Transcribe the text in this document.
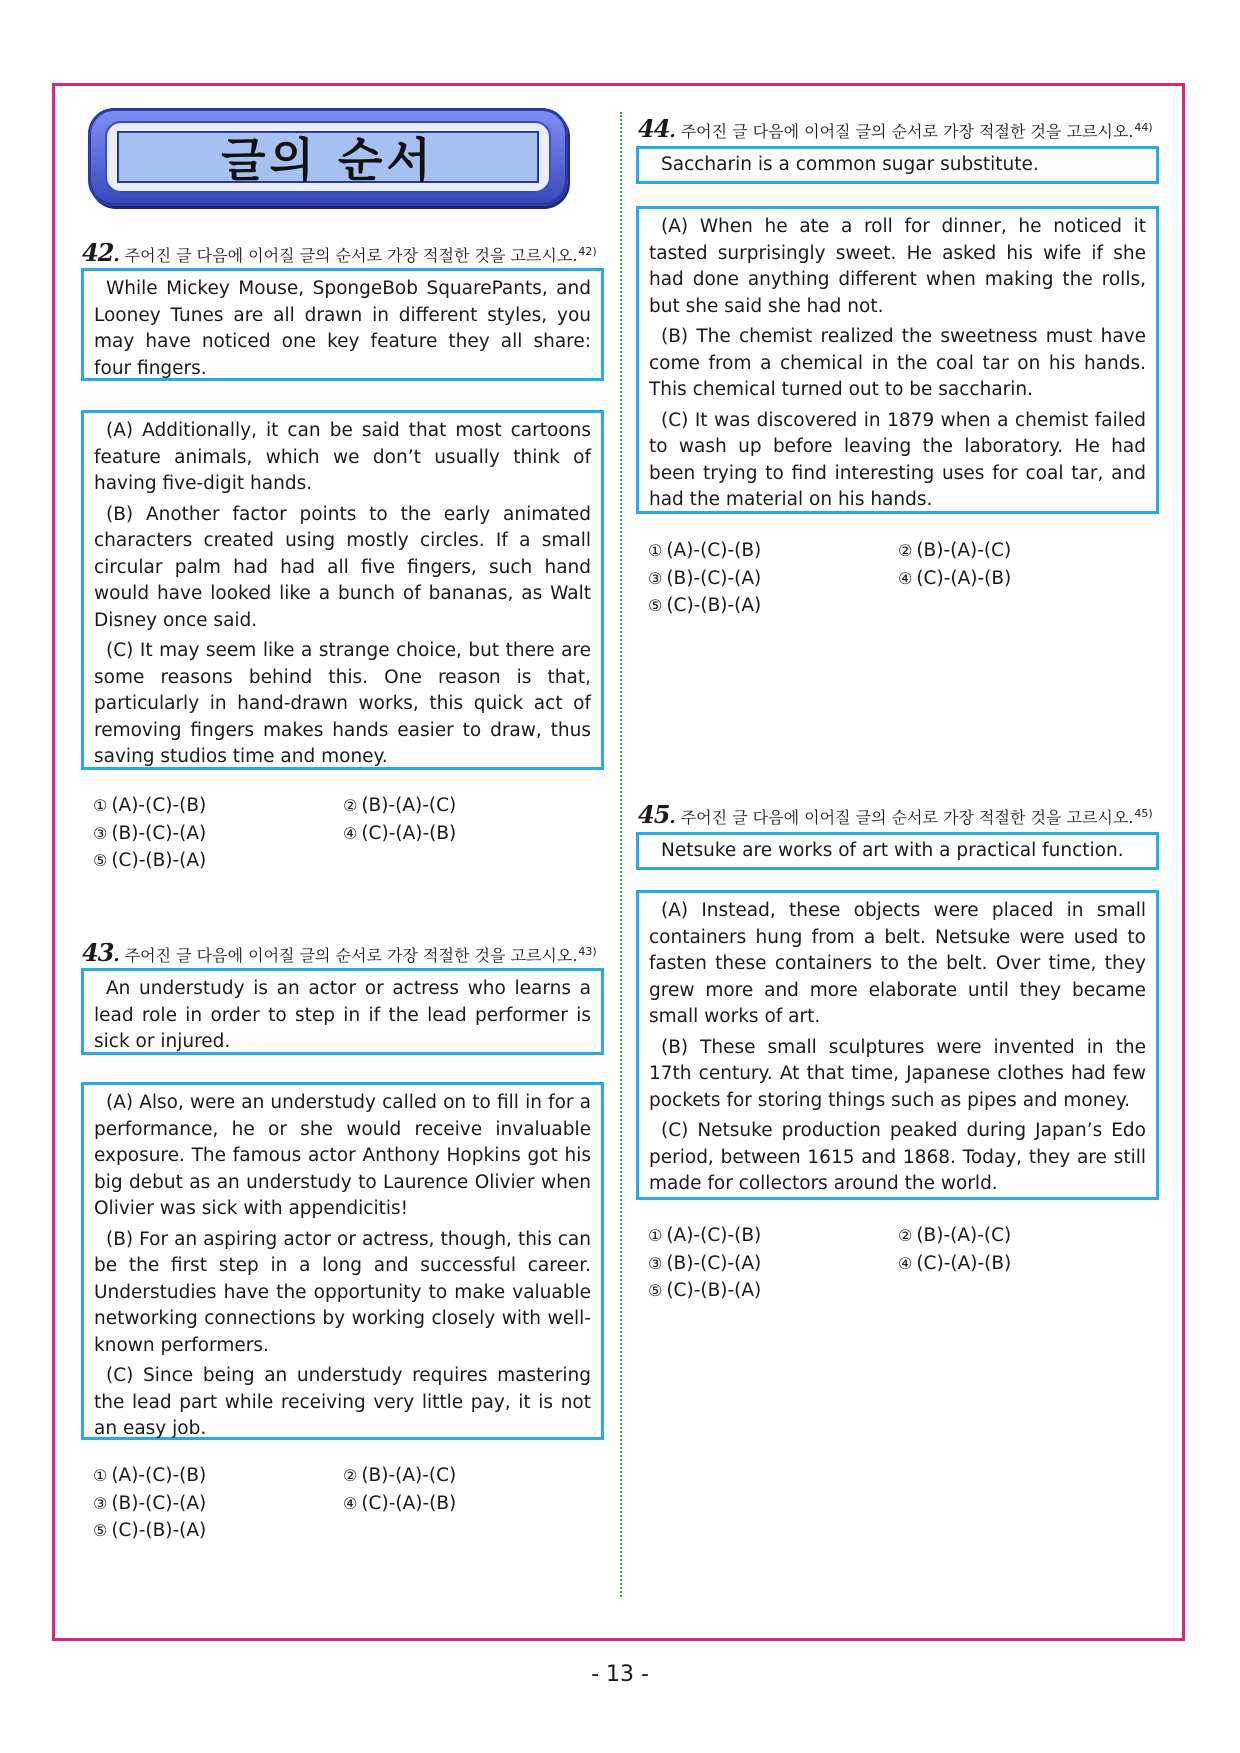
글의 순서
42. 주어진 글 다음에 이어질 글의 순서로 가장 적절한 것을 고르시오. 42)

While Mickey Mouse, SpongeBob SquarePants, and Looney Tunes are all drawn in different styles, you may have noticed one key feature they all share: four fingers.

(A) Additionally, it can be said that most cartoons feature animals, which we don’t usually think of having five-digit hands.

(B) Another factor points to the early animated characters created using mostly circles. If a small circular palm had had all five fingers, such hand would have looked like a bunch of bananas, as Walt Disney once said.

(C) It may seem like a strange choice, but there are some reasons behind this. One reason is that, particularly in hand-drawn works, this quick act of removing fingers makes hands easier to draw, thus saving studios time and money.

① (A)-(C)-(B)	② (B)-(A)-(C)
③ (B)-(C)-(A)	④ (C)-(A)-(B)
⑤ (C)-(B)-(A)
43. 주어진 글 다음에 이어질 글의 순서로 가장 적절한 것을 고르시오. 43)

An understudy is an actor or actress who learns a lead role in order to step in if the lead performer is sick or injured.

(A) Also, were an understudy called on to fill in for a performance, he or she would receive invaluable exposure. The famous actor Anthony Hopkins got his big debut as an understudy to Laurence Olivier when Olivier was sick with appendicitis!

(B) For an aspiring actor or actress, though, this can be the first step in a long and successful career. Understudies have the opportunity to make valuable networking connections by working closely with well-known performers.

(C) Since being an understudy requires mastering the lead part while receiving very little pay, it is not an easy job.

① (A)-(C)-(B)	② (B)-(A)-(C)
③ (B)-(C)-(A)	④ (C)-(A)-(B)
⑤ (C)-(B)-(A)
44. 주어진 글 다음에 이어질 글의 순서로 가장 적절한 것을 고르시오. 44)

Saccharin is a common sugar substitute.

(A) When he ate a roll for dinner, he noticed it tasted surprisingly sweet. He asked his wife if she had done anything different when making the rolls, but she said she had not.

(B) The chemist realized the sweetness must have come from a chemical in the coal tar on his hands. This chemical turned out to be saccharin.

(C) It was discovered in 1879 when a chemist failed to wash up before leaving the laboratory. He had been trying to find interesting uses for coal tar, and had the material on his hands.

① (A)-(C)-(B)	② (B)-(A)-(C)
③ (B)-(C)-(A)	④ (C)-(A)-(B)
⑤ (C)-(B)-(A)
45. 주어진 글 다음에 이어질 글의 순서로 가장 적절한 것을 고르시오. 45)

Netsuke are works of art with a practical function.

(A) Instead, these objects were placed in small containers hung from a belt. Netsuke were used to fasten these containers to the belt. Over time, they grew more and more elaborate until they became small works of art.

(B) These small sculptures were invented in the 17th century. At that time, Japanese clothes had few pockets for storing things such as pipes and money.

(C) Netsuke production peaked during Japan’s Edo period, between 1615 and 1868. Today, they are still made for collectors around the world.

① (A)-(C)-(B)	② (B)-(A)-(C)
③ (B)-(C)-(A)	④ (C)-(A)-(B)
⑤ (C)-(B)-(A)
- 13 -
